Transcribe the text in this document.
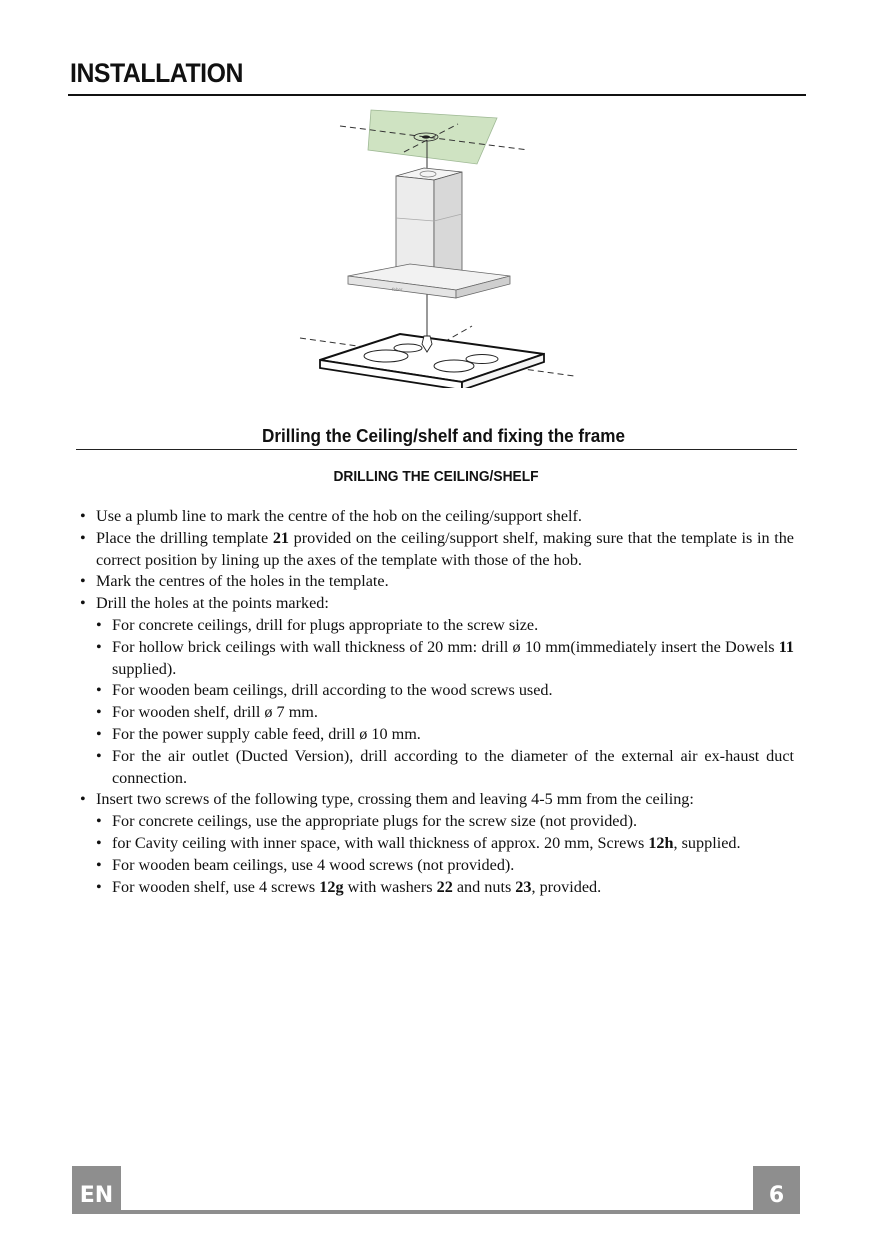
INSTALLATION
faber
Drilling the Ceiling/shelf and fixing the frame
DRILLING THE CEILING/SHELF
• Use a plumb line to mark the centre of the hob on the ceiling/support shelf.
• Place the drilling template 21 provided on the ceiling/support shelf, making sure that the template is in the correct position by lining up the axes of the template with those of the hob.
• Mark the centres of the holes in the template.
• Drill the holes at the points marked:
• For concrete ceilings, drill for plugs appropriate to the screw size.
• For hollow brick ceilings with wall thickness of 20 mm: drill ø 10 mm(immediately insert the Dowels 11 supplied).
• For wooden beam ceilings, drill according to the wood screws used.
• For wooden shelf, drill ø 7 mm.
• For the power supply cable feed, drill ø 10 mm.
• For the air outlet (Ducted Version), drill according to the diameter of the external air ex-haust duct connection.
• Insert two screws of the following type, crossing them and leaving 4-5 mm from the ceiling:
• For concrete ceilings, use the appropriate plugs for the screw size (not provided).
• for Cavity ceiling with inner space, with wall thickness of approx. 20 mm, Screws 12h, supplied.
• For wooden beam ceilings, use 4 wood screws (not provided).
• For wooden shelf, use 4 screws 12g with washers 22 and nuts 23, provided.
EN	6
